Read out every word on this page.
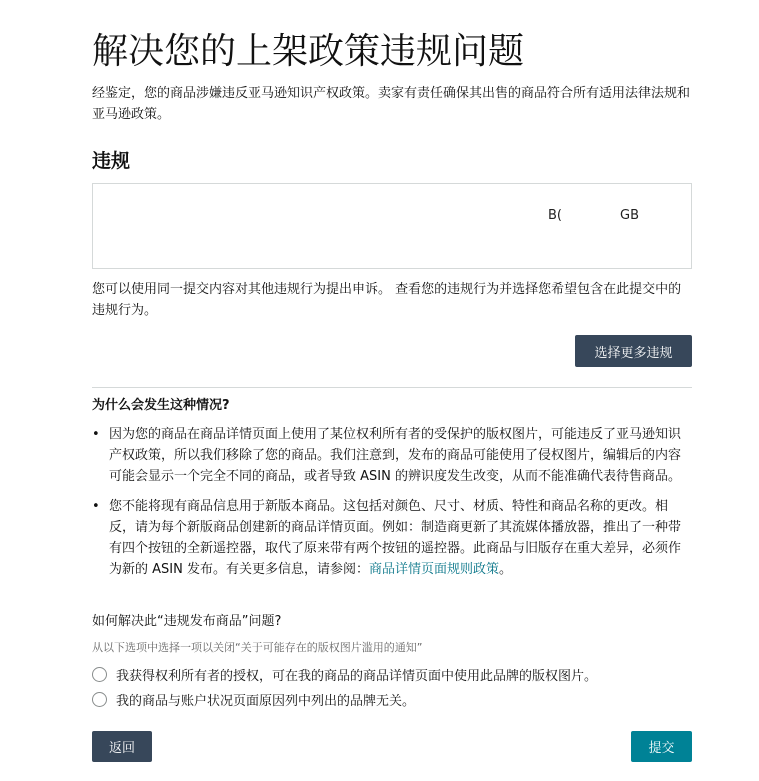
解决您的上架政策违规问题

经鉴定，您的商品涉嫌违反亚马逊知识产权政策。卖家有责任确保其出售的商品符合所有适用法律法规和亚马逊政策。

违规
B(	GB

您可以使用同一提交内容对其他违规行为提出申诉。 查看您的违规行为并选择您希望包含在此提交中的违规行为。

选择更多违规
为什么会发生这种情况?
• 因为您的商品在商品详情页面上使用了某位权利所有者的受保护的版权图片，可能违反了亚马逊知识产权政策，所以我们移除了您的商品。我们注意到，发布的商品可能使用了侵权图片，编辑后的内容可能会显示一个完全不同的商品，或者导致 ASIN 的辨识度发生改变，从而不能准确代表待售商品。
• 您不能将现有商品信息用于新版本商品。这包括对颜色、尺寸、材质、特性和商品名称的更改。相反，请为每个新版商品创建新的商品详情页面。例如：制造商更新了其流媒体播放器，推出了一种带有四个按钮的全新遥控器，取代了原来带有两个按钮的遥控器。此商品与旧版存在重大差异，必须作为新的 ASIN 发布。有关更多信息，请参阅：商品详情页面规则政策。
如何解决此“违规发布商品”问题?
从以下选项中选择一项以关闭“关于可能存在的版权图片滥用的通知”
我获得权利所有者的授权，可在我的商品的商品详情页面中使用此品牌的版权图片。
我的商品与账户状况页面原因列中列出的品牌无关。
返回	提交
